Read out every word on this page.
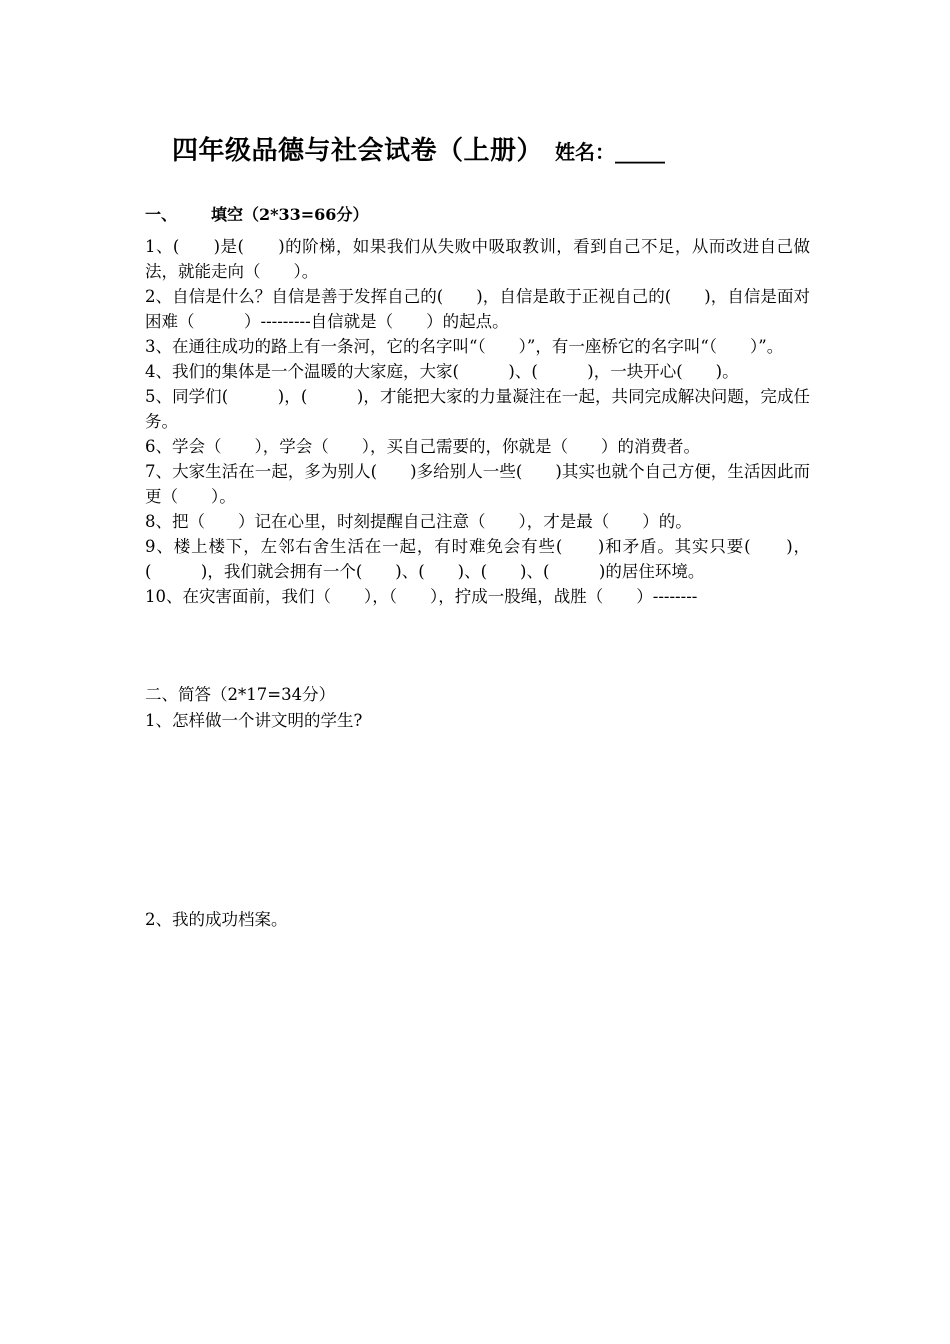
四年级品德与社会试卷（上册） 姓名：_____
一、 填空（2*33=66分）

1、(　　)是(　　)的阶梯，如果我们从失败中吸取教训，看到自己不足，从而改进自己做法，就能走向（　　）。

2、自信是什么？自信是善于发挥自己的(　　)，自信是敢于正视自己的(　　)，自信是面对困难（　　　）---------自信就是（　　）的起点。

3、在通往成功的路上有一条河，它的名字叫“（　　）”，有一座桥它的名字叫“（　　）”。

4、我们的集体是一个温暖的大家庭，大家(　　　)、(　　　)，一块开心(　　)。

5、同学们(　　　)，(　　　)，才能把大家的力量凝注在一起，共同完成解决问题，完成任务。

6、学会（　　），学会（　　），买自己需要的，你就是（　　）的消费者。

7、大家生活在一起，多为别人(　　)多给别人一些(　　)其实也就个自己方便，生活因此而更（　　）。

8、把（　　）记在心里，时刻提醒自己注意（　　），才是最（　　）的。

9、楼上楼下，左邻右舍生活在一起，有时难免会有些(　　)和矛盾。其实只要(　　)，(　　　)，我们就会拥有一个(　　)、(　　)、(　　)、(　　　)的居住环境。

10、在灾害面前，我们（　　），（　　），拧成一股绳，战胜（　　）--------

二、简答（2*17=34分）
1、怎样做一个讲文明的学生?
2、我的成功档案。
